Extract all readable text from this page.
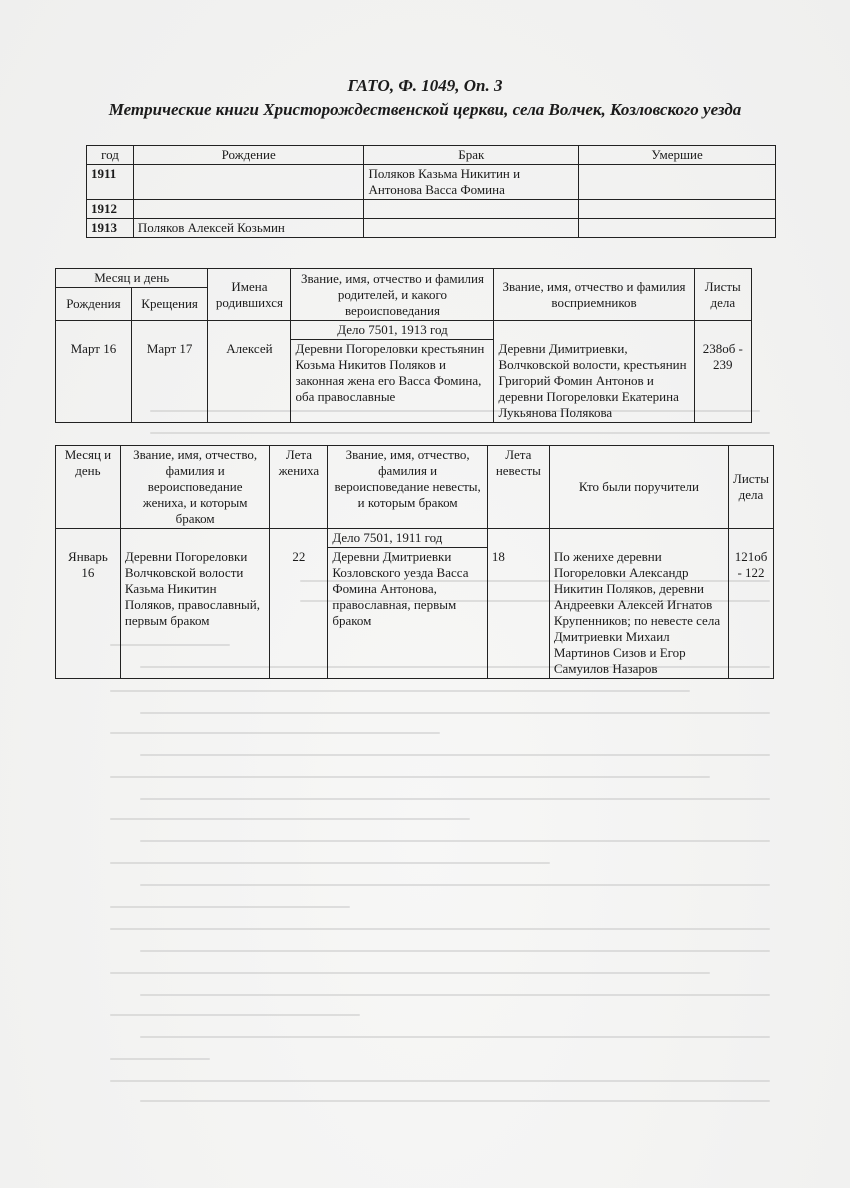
ГАТО, Ф. 1049, Оп. 3
Метрические книги Христорождественской церкви, села Волчек, Козловского уезда
год	Рождение	Брак	Умершие
1911		Поляков Казьма Никитин и Антонова Васса Фомина	
1912			
1913	Поляков Алексей Козьмин		
Месяц и день		Имена родившихся	Звание, имя, отчество и фамилия родителей, и какого вероисповедания	Звание, имя, отчество и фамилия восприемников	Листы дела
Рождения	Крещения				
			Дело 7501, 1913 год		
Март 16	Март 17	Алексей	Деревни Погореловки крестьянин Козьма Никитов Поляков и законная жена его Васса Фомина, оба православные	Деревни Димитриевки, Волчковской волости, крестьянин Григорий Фомин Антонов и деревни Погореловки Екатерина Лукьянова Полякова	238об - 239
Месяц и день	Звание, имя, отчество, фамилия и вероисповедание жениха, и которым браком	Лета жениха	Звание, имя, отчество, фамилия и вероисповедание невесты, и которым браком	Лета невесты	Кто были поручители	Листы дела
			Дело 7501, 1911 год			
Январь 16	Деревни Погореловки Волчковской волости Казьма Никитин Поляков, православный, первым браком	22	Деревни Дмитриевки Козловского уезда Васса Фомина Антонова, православная, первым браком	18	По жениxе деревни Погореловки Александр Никитин Поляков, деревни Андреевки Алексей Игнатов Крупенников; по невесте села Дмитриевки Михаил Мартинов Сизов и Егор Самуилов Назаров	121об - 122
